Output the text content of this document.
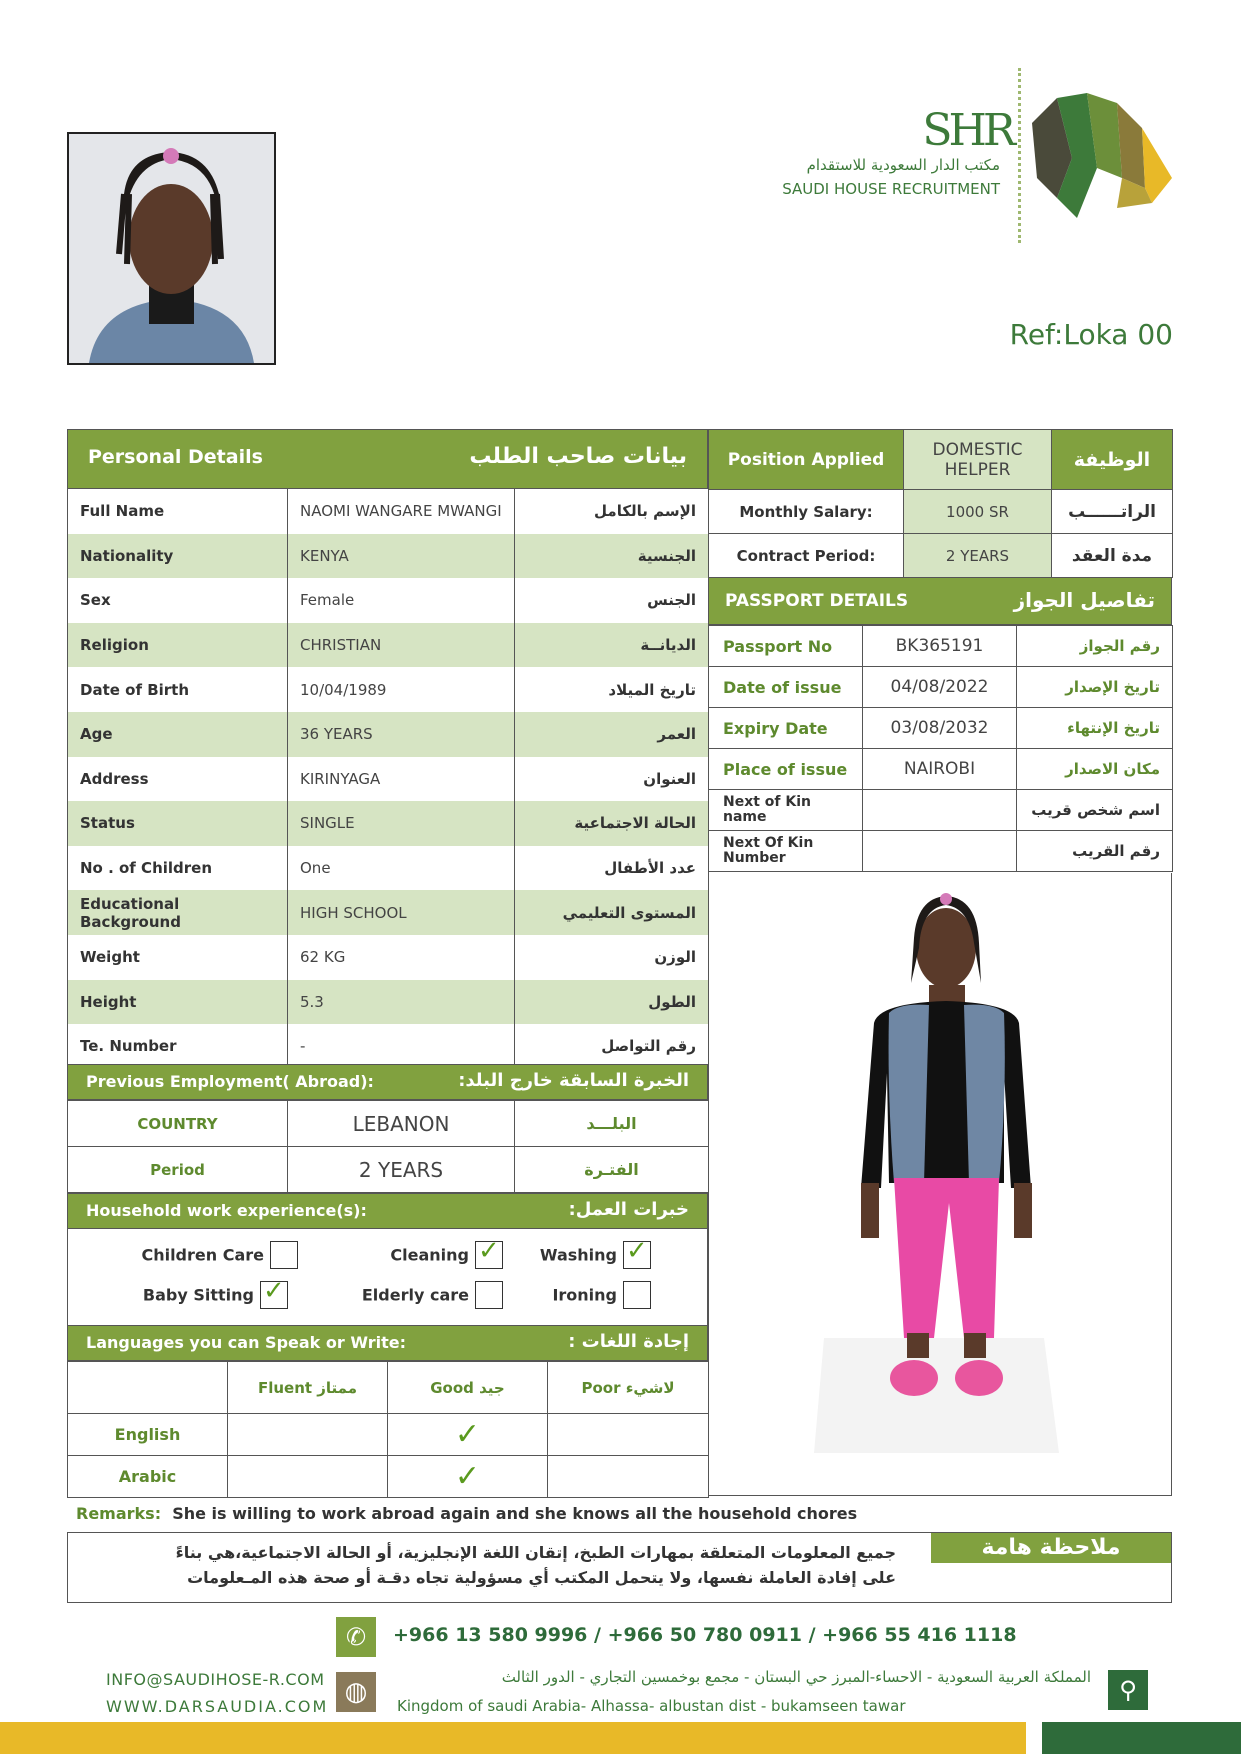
SHR
مكتب الدار السعودية للاستقدام
SAUDI HOUSE RECRUITMENT
Ref:Loka 00
Personal Details	بيانات صاحب الطلب
Full Name	NAOMI WANGARE MWANGI	الإسم بالكامل
Nationality	KENYA	الجنسية
Sex	Female	الجنس
Religion	CHRISTIAN	الديانــة
Date of Birth	10/04/1989	تاريخ الميلاد
Age	36 YEARS	العمر
Address	KIRINYAGA	العنوان
Status	SINGLE	الحالة الاجتماعية
No . of Children	One	عدد الأطفال
Educational Background	HIGH SCHOOL	المستوى التعليمي
Weight	62 KG	الوزن
Height	5.3	الطول
Te. Number	-	رقم التواصل
Previous Employment( Abroad):	الخبرة السابقة خارج البلد:
COUNTRY	LEBANON	البلـــد
Period	2 YEARS	الفتـرة
Household work experience(s):	خبرات العمل:
Children Care	Cleaning ✓	Washing ✓
Baby Sitting ✓	Elderly care	Ironing
Languages you can Speak or Write:	إجادة اللغات :
	Fluent ممتاز	Good جيد	Poor لاشيء
English		✓	
Arabic		✓	
Position Applied	DOMESTIC HELPER	الوظيفة
Monthly Salary:	1000 SR	الراتــــــب
Contract Period:	2 YEARS	مدة العقد
PASSPORT DETAILS	تفاصيل الجواز
Passport No	BK365191	رقم الجواز
Date of issue	04/08/2022	تاريخ الإصدار
Expiry Date	03/08/2032	تاريخ الإنتهاء
Place of issue	NAIROBI	مكان الاصدار
Next of Kin name		اسم شخص قريب
Next Of Kin Number		رقم القريب
Remarks: She is willing to work abroad again and she knows all the household chores
ملاحظة هامة
جميع المعلومات المتعلقة بمهارات الطبخ، إتقان اللغة الإنجليزية، أو الحالة الاجتماعية،هي بناءً
على إفادة العاملة نفسها، ولا يتحمل المكتب أي مسؤولية تجاه دقـة أو صحة هذه المـعلومات
✆	+966 13 580 9996 / +966 50 780 0911 / +966 55 416 1118
INFO@SAUDIHOSE-R.COM
WWW.DARSAUDIA.COM ◍	المملكة العربية السعودية - الاحساء-المبرز حي البستان - مجمع بوخمسين التجاري - الدور الثالث
Kingdom of saudi Arabia- Alhassa- albustan dist - bukamseen tawar
⚲
